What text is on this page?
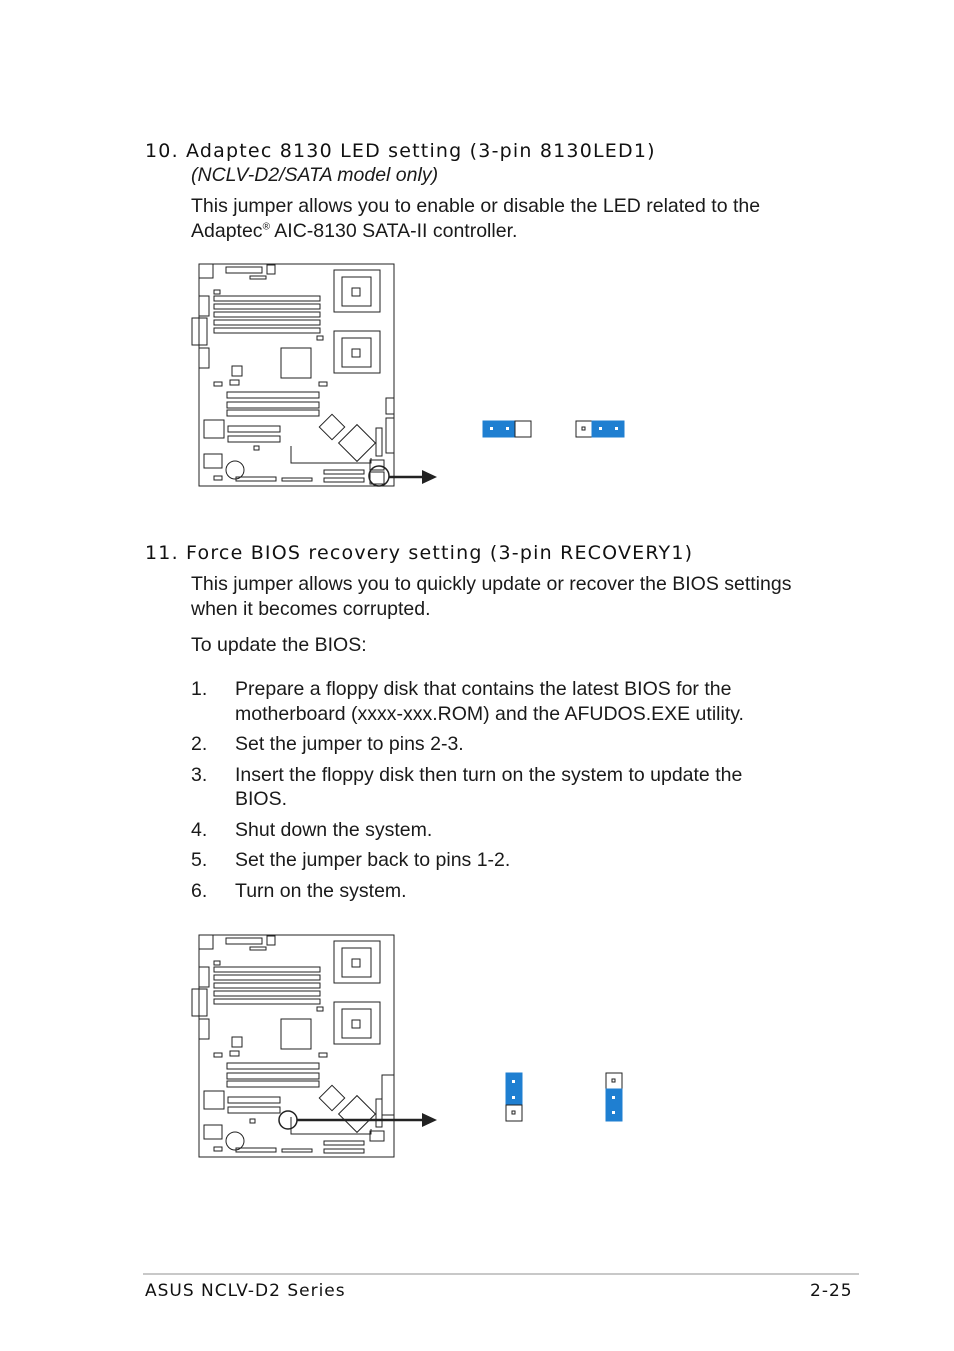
10. Adaptec 8130 LED setting (3-pin 8130LED1)
(NCLV-D2/SATA model only)
This jumper allows you to enable or disable the LED related to the
Adaptec® AIC-8130 SATA-II controller.
11. Force BIOS recovery setting (3-pin RECOVERY1)
This jumper allows you to quickly update or recover the BIOS settings
when it becomes corrupted.
To update the BIOS:
1. Prepare a floppy disk that contains the latest BIOS for the
motherboard (xxxx-xxx.ROM) and the AFUDOS.EXE utility.
2. Set the jumper to pins 2-3.
3. Insert the floppy disk then turn on the system to update the
BIOS.
4. Shut down the system.
5. Set the jumper back to pins 1-2.
6. Turn on the system.
ASUS NCLV-D2 Series	2-25
